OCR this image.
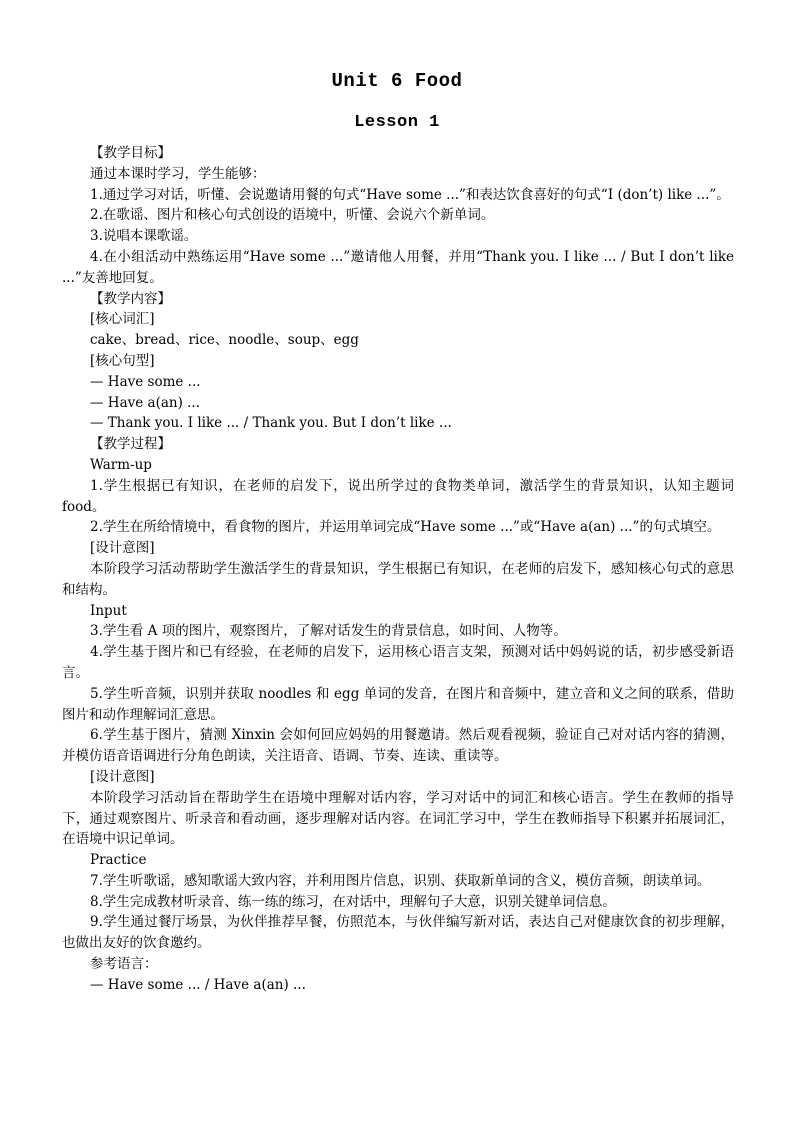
Unit 6 Food
Lesson 1

【教学目标】

通过本课时学习，学生能够：

1.通过学习对话，听懂、会说邀请用餐的句式“Have some ...”和表达饮食喜好的句式“I (don’t) like ...”。

2.在歌谣、图片和核心句式创设的语境中，听懂、会说六个新单词。

3.说唱本课歌谣。

4.在小组活动中熟练运用“Have some ...”邀请他人用餐，并用“Thank you. I like ... / But I don’t like ...”友善地回复。

【教学内容】

[核心词汇]

cake、bread、rice、noodle、soup、egg

[核心句型]

— Have some ...

— Have a(an) ...

— Thank you. I like ... / Thank you. But I don’t like ...

【教学过程】

Warm-up

1.学生根据已有知识，在老师的启发下，说出所学过的食物类单词，激活学生的背景知识，认知主题词 food。

2.学生在所给情境中，看食物的图片，并运用单词完成“Have some ...”或“Have a(an) ...”的句式填空。

[设计意图]

本阶段学习活动帮助学生激活学生的背景知识，学生根据已有知识，在老师的启发下，感知核心句式的意思和结构。

Input

3.学生看 A 项的图片，观察图片，了解对话发生的背景信息，如时间、人物等。

4.学生基于图片和已有经验，在老师的启发下，运用核心语言支架，预测对话中妈妈说的话，初步感受新语言。

5.学生听音频，识别并获取 noodles 和 egg 单词的发音，在图片和音频中，建立音和义之间的联系，借助图片和动作理解词汇意思。

6.学生基于图片，猜测 Xinxin 会如何回应妈妈的用餐邀请。然后观看视频，验证自己对对话内容的猜测，并模仿语音语调进行分角色朗读，关注语音、语调、节奏、连读、重读等。

[设计意图]

本阶段学习活动旨在帮助学生在语境中理解对话内容，学习对话中的词汇和核心语言。学生在教师的指导下，通过观察图片、听录音和看动画，逐步理解对话内容。在词汇学习中，学生在教师指导下积累并拓展词汇，在语境中识记单词。

Practice

7.学生听歌谣，感知歌谣大致内容，并利用图片信息，识别、获取新单词的含义，模仿音频，朗读单词。

8.学生完成教材听录音、练一练的练习，在对话中，理解句子大意，识别关键单词信息。

9.学生通过餐厅场景，为伙伴推荐早餐，仿照范本，与伙伴编写新对话，表达自己对健康饮食的初步理解，也做出友好的饮食邀约。

参考语言：

— Have some ... / Have a(an) ...
